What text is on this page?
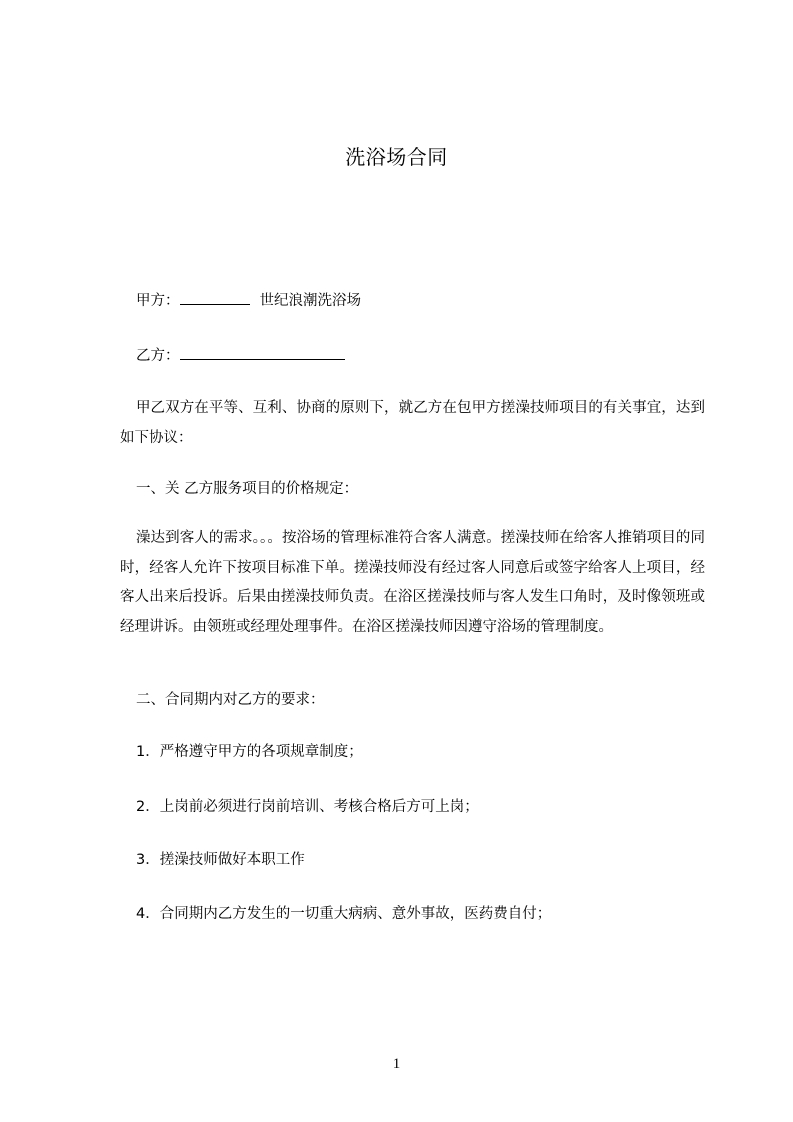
洗浴场合同
甲方：	世纪浪潮洗浴场
乙方：
甲乙双方在平等、互利、协商的原则下，就乙方在包甲方搓澡技师项目的有关事宜，达到如下协议：
一、关 乙方服务项目的价格规定：
澡达到客人的需求。。。按浴场的管理标准符合客人满意。搓澡技师在给客人推销项目的同时，经客人允许下按项目标准下单。搓澡技师没有经过客人同意后或签字给客人上项目，经客人出来后投诉。后果由搓澡技师负责。在浴区搓澡技师与客人发生口角时，及时像领班或经理讲诉。由领班或经理处理事件。在浴区搓澡技师因遵守浴场的管理制度。
二、合同期内对乙方的要求：
1．严格遵守甲方的各项规章制度；
2．上岗前必须进行岗前培训、考核合格后方可上岗；
3．搓澡技师做好本职工作
4．合同期内乙方发生的一切重大病病、意外事故，医药费自付；
1
